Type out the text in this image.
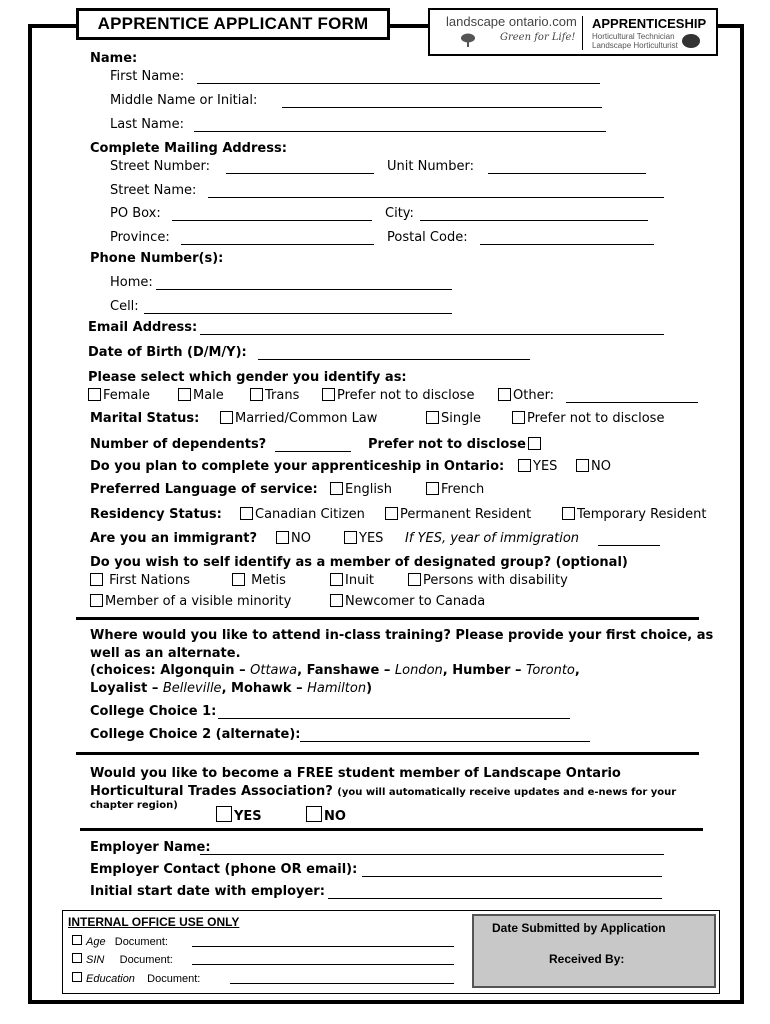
APPRENTICE APPLICANT FORM	landscape ontario.com
Green for Life!
APPRENTICESHIP
Horticultural Technician
Landscape Horticulturist
Name:
First Name:
Middle Name or Initial:
Last Name:
Complete Mailing Address:
Street Number:	Unit Number:
Street Name:
PO Box:	City:
Province:	Postal Code:
Phone Number(s):
Home:
Cell:
Email Address:
Date of Birth (D/M/Y):
Please select which gender you identify as:
Female	Male	Trans	Prefer not to disclose	Other:
Marital Status:	Married/Common Law	Single	Prefer not to disclose
Number of dependents?	Prefer not to disclose
Do you plan to complete your apprenticeship in Ontario:	YES	NO
Preferred Language of service:	English	French
Residency Status:	Canadian Citizen	Permanent Resident	Temporary Resident
Are you an immigrant?	NO	YES If YES, year of immigration
Do you wish to self identify as a member of designated group? (optional)
First Nations	Metis	Inuit	Persons with disability
Member of a visible minority	Newcomer to Canada
Where would you like to attend in-class training? Please provide your first choice, as
well as an alternate.
(choices: Algonquin – Ottawa, Fanshawe – London, Humber – Toronto,
Loyalist – Belleville, Mohawk – Hamilton)
College Choice 1:
College Choice 2 (alternate):
Would you like to become a FREE student member of Landscape Ontario
Horticultural Trades Association? (you will automatically receive updates and e-news for your
chapter region)
YES	NO
Employer Name:
Employer Contact (phone OR email):
Initial start date with employer:
INTERNAL OFFICE USE ONLY
Age Document:
SIN Document:
Education Document:
Date Submitted by Application
Received By:
